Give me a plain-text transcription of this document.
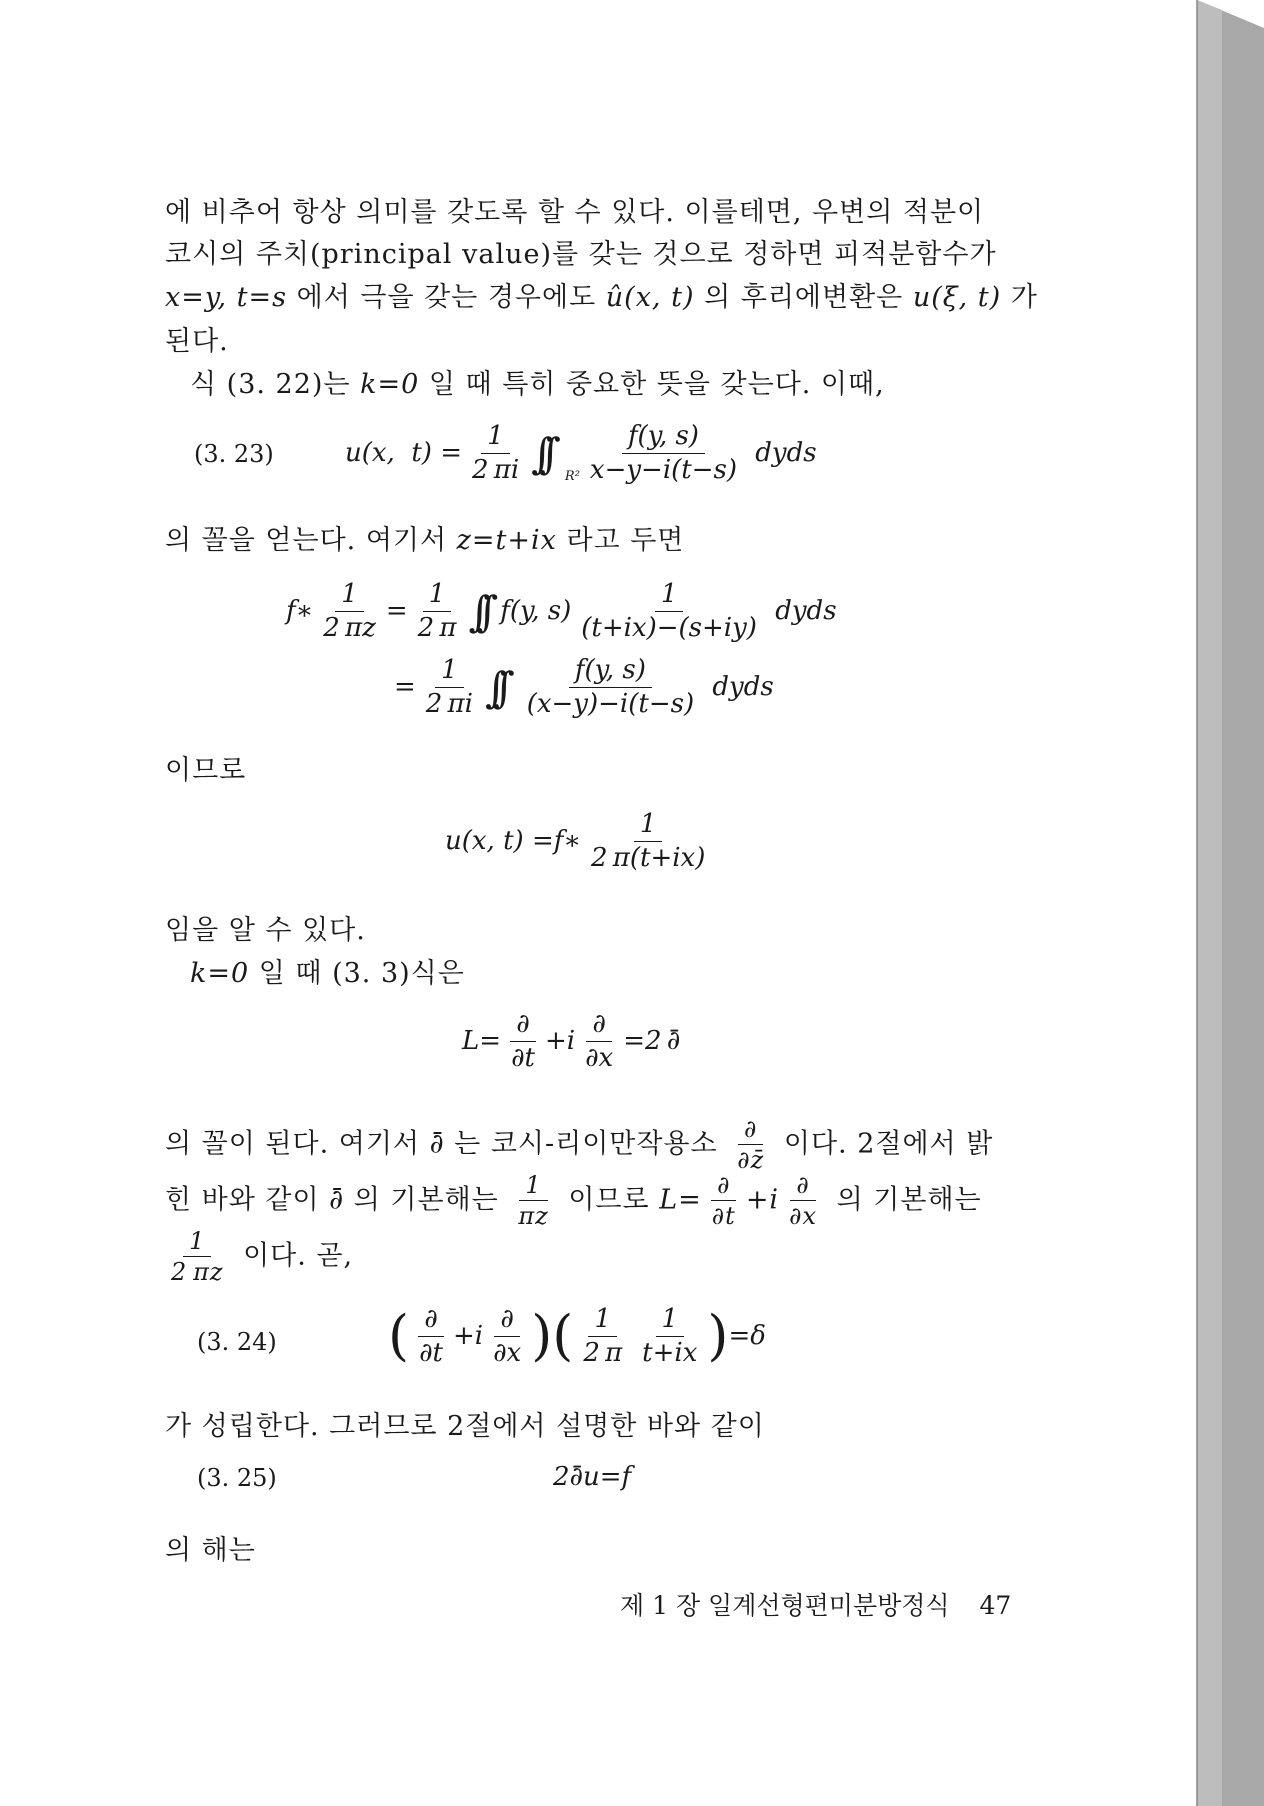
에 비추어 항상 의미를 갖도록 할 수 있다. 이를테면, 우변의 적분이
코시의 주치(principal value)를 갖는 것으로 정하면 피적분함수가
x=y, t=s 에서 극을 갖는 경우에도 û(x, t) 의 후리에변환은 u(ξ, t) 가
된다.
식 (3. 22)는 k=0 일 때 특히 중요한 뜻을 갖는다. 이때,
(3. 23)	u(x,  $t) = \frac{1}{2 \pi i}$ ∫∫	$R^2 \frac{f(y, s)}{x-y-i(t-s)}$ dyds
의 꼴을 얻는다. 여기서 z=t+ix 라고 두면
f∗ $\frac{1}{2 \pi z} = \frac{1}{2 \pi}$ ∫∫ f(y, $s) \frac{1}{(t+ix)-(s+iy)}$ dyds
= $\frac{1}{2 \pi i}$ ∫∫ $\frac{f(y, s)}{(x-y)-i(t-s)}$ dyds
이므로
u(x, t) =f∗ $\frac{1}{2 \pi(t+ix)}$
임을 알 수 있다.
k=0 일 때 (3. 3)식은
$L= \frac{\partial}{\partial t} +i \frac{\partial}{\partial x} =2$ ∂̄
의 꼴이 된다. 여기서 ∂̄ 는 코시-리이만작용소 $\frac{\partial}{\partial z̄}$ 이다. 2절에서 밝
힌 바와 같이 ∂̄ 의 기본해는 $\frac{1}{\pi z}$ 이므로 $L= \frac{\partial}{\partial t} +i \frac{\partial}{\partial x}$ 의 기본해는
$\frac{1}{2 \pi z}$ 이다. 곧,
(3. 24) ( $\frac{\partial}{\partial t} +i \frac{\partial}{\partial x}$ )( $\frac{1}{2 \pi} \frac{1}{t+ix}$ ) =δ
가 성립한다. 그러므로 2절에서 설명한 바와 같이
(3. 25)	2∂̄u=f
의 해는
제 1 장 일계선형편미분방정식 47
